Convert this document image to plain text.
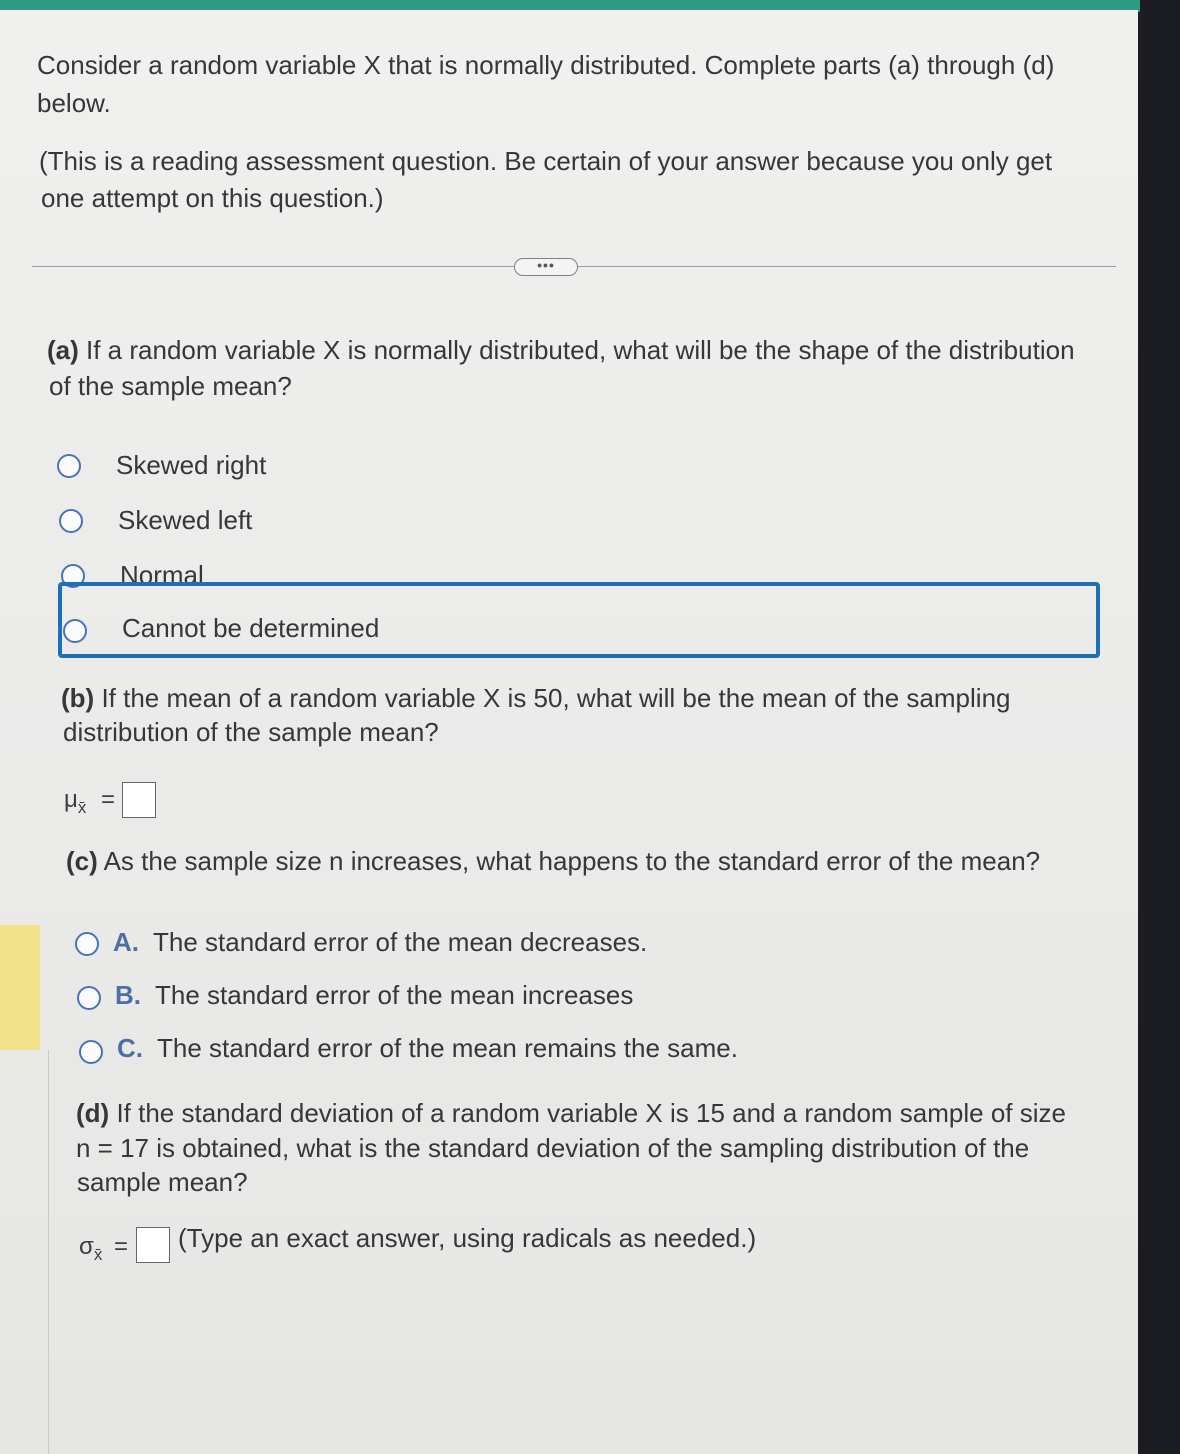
Consider a random variable X that is normally distributed. Complete parts (a) through (d)
below.
(This is a reading assessment question. Be certain of your answer because you only get
one attempt on this question.)
•••
(a) If a random variable X is normally distributed, what will be the shape of the distribution
of the sample mean?
Skewed right
Skewed left
Normal
Cannot be determined
(b) If the mean of a random variable X is 50, what will be the mean of the sampling
distribution of the sample mean?
$\mu_{x̄}$ =
(c) As the sample size n increases, what happens to the standard error of the mean?
A. The standard error of the mean decreases.
B. The standard error of the mean increases
C. The standard error of the mean remains the same.
(d) If the standard deviation of a random variable X is 15 and a random sample of size
n = 17 is obtained, what is the standard deviation of the sampling distribution of the
sample mean?
$\sigma_{x̄}$ = (Type an exact answer, using radicals as needed.)
